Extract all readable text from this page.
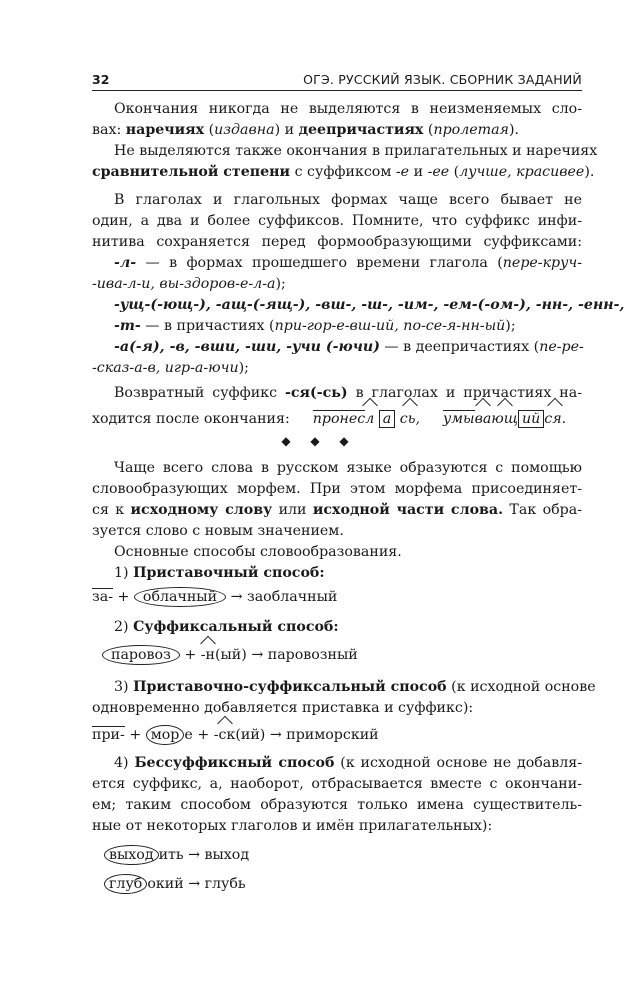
32	ОГЭ. РУССКИЙ ЯЗЫК. СБОРНИК ЗАДАНИЙ
Окончания никогда не выделяются в неизменяемых сло-
вах: наречиях (издавна) и деепричастиях (пролетая).
Не выделяются также окончания в прилагательных и наречиях
сравнительной степени с суффиксом -е и -ее (лучше, красивее).
В глаголах и глагольных формах чаще всего бывает не
один, а два и более суффиксов. Помните, что суффикс инфи-
нитива сохраняется перед формообразующими суффиксами:
-л- — в формах прошедшего времени глагола (пере-круч-
-ива-л-и, вы-здоров-е-л-а);
-ущ-(-ющ-), -ащ-(-ящ-), -вш-, -ш-, -им-, -ем-(-ом-), -нн-, -енн-,
-т- — в причастиях (при-гор-е-вш-ий, по-се-я-нн-ый);
-а(-я), -в, -вши, -ши, -учи (-ючи) — в деепричастиях (пе-ре-
-сказ-а-в, игр-а-ючи);
Возвратный суффикс -ся(-сь) в глаголах и причастиях на-
ходится после окончания: пронесл а сь, умывающ ий ся.
◆ ◆ ◆
Чаще всего слова в русском языке образуются с помощью
словообразующих морфем. При этом морфема присоединяет-
ся к исходному слову или исходной части слова. Так обра-
зуется слово с новым значением.
Основные способы словообразования.
1) Приставочный способ:
за- + облачный → заоблачный
2) Суффиксальный способ:
паровоз + -н(ый) → паровозный
3) Приставочно-суффиксальный способ (к исходной основе
одновременно добавляется приставка и суффикс):
при- + мор е + -ск(ий) → приморский
4) Бессуффиксный способ (к исходной основе не добавля-
ется суффикс, а, наоборот, отбрасывается вместе с окончани-
ем; таким способом образуются только имена существитель-
ные от некоторых глаголов и имён прилагательных):
выход ить → выход
глуб окий → глубь
